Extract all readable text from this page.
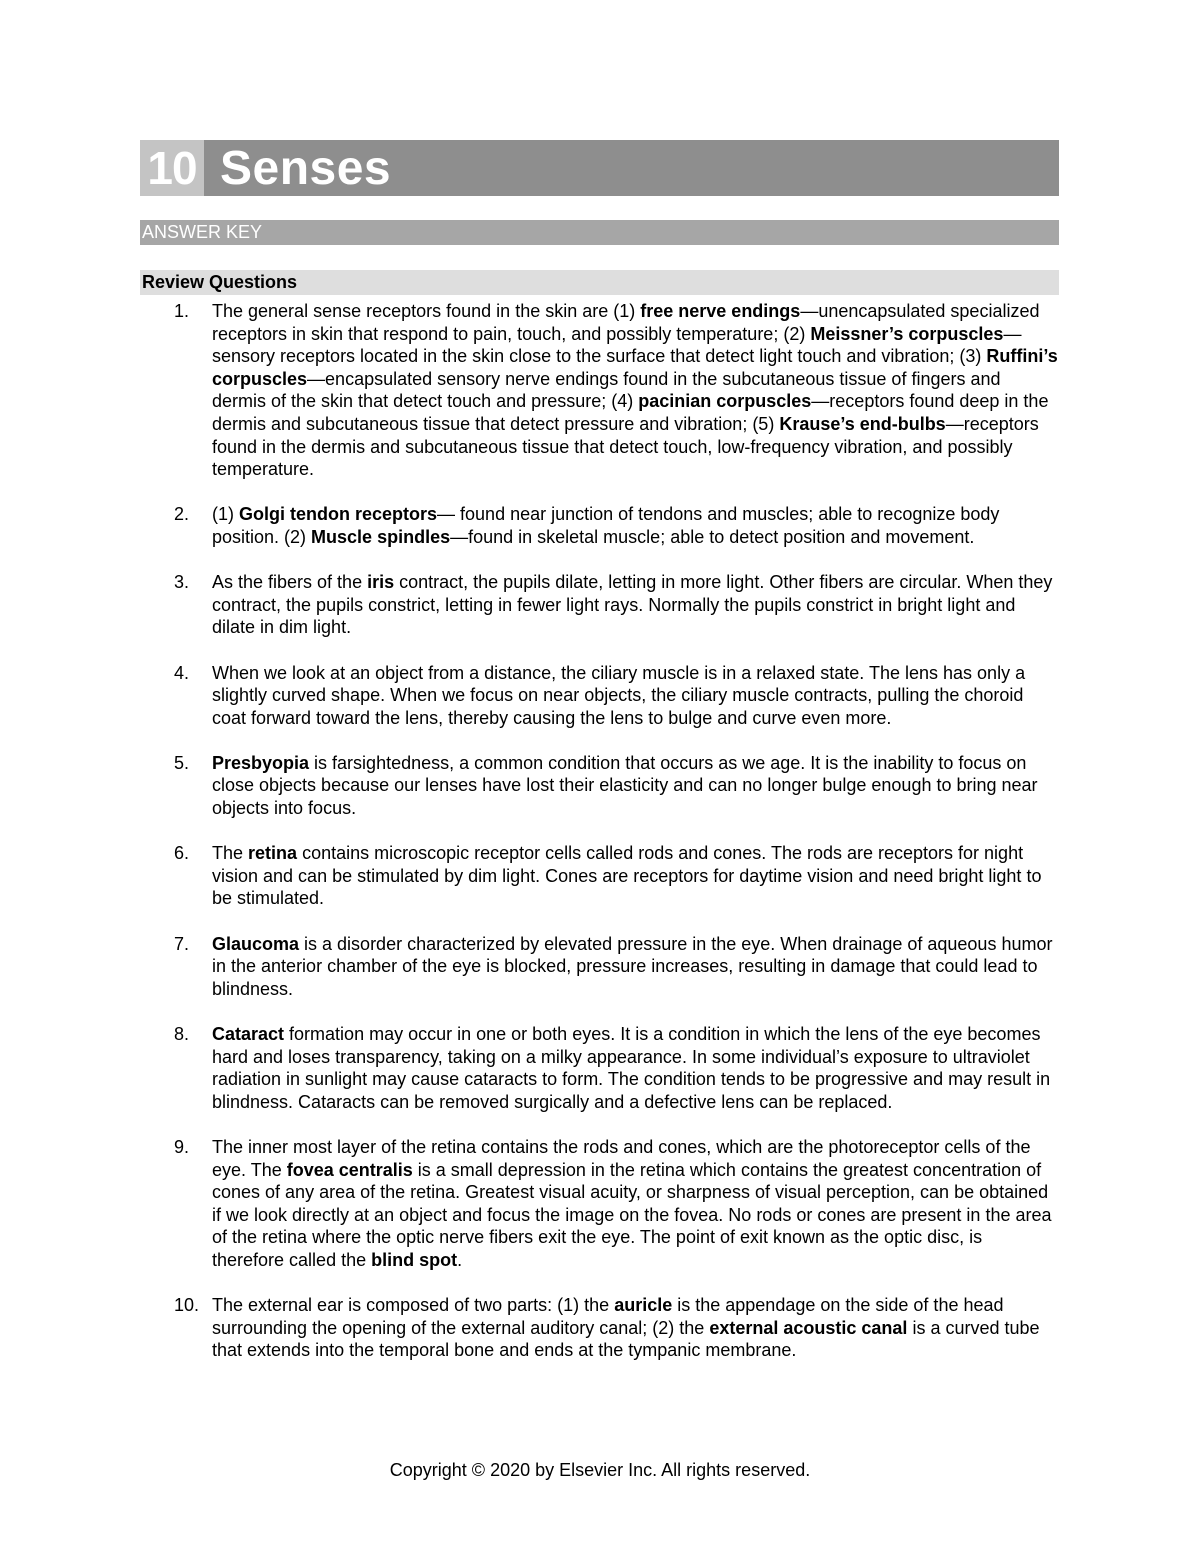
10 Senses
ANSWER KEY
Review Questions
1.	The general sense receptors found in the skin are (1) free nerve endings—unencapsulated specialized receptors in skin that respond to pain, touch, and possibly temperature; (2) Meissner’s corpuscles—sensory receptors located in the skin close to the surface that detect light touch and vibration; (3) Ruffini’s corpuscles—encapsulated sensory nerve endings found in the subcutaneous tissue of fingers and dermis of the skin that detect touch and pressure; (4) pacinian corpuscles—receptors found deep in the dermis and subcutaneous tissue that detect pressure and vibration; (5) Krause’s end-bulbs—receptors found in the dermis and subcutaneous tissue that detect touch, low-frequency vibration, and possibly temperature.
2.	(1) Golgi tendon receptors— found near junction of tendons and muscles; able to recognize body position. (2) Muscle spindles—found in skeletal muscle; able to detect position and movement.
3.	As the fibers of the iris contract, the pupils dilate, letting in more light. Other fibers are circular. When they contract, the pupils constrict, letting in fewer light rays. Normally the pupils constrict in bright light and dilate in dim light.
4.	When we look at an object from a distance, the ciliary muscle is in a relaxed state. The lens has only a slightly curved shape. When we focus on near objects, the ciliary muscle contracts, pulling the choroid coat forward toward the lens, thereby causing the lens to bulge and curve even more.
5.	Presbyopia is farsightedness, a common condition that occurs as we age. It is the inability to focus on close objects because our lenses have lost their elasticity and can no longer bulge enough to bring near objects into focus.
6.	The retina contains microscopic receptor cells called rods and cones. The rods are receptors for night vision and can be stimulated by dim light. Cones are receptors for daytime vision and need bright light to be stimulated.
7.	Glaucoma is a disorder characterized by elevated pressure in the eye. When drainage of aqueous humor in the anterior chamber of the eye is blocked, pressure increases, resulting in damage that could lead to blindness.
8.	Cataract formation may occur in one or both eyes. It is a condition in which the lens of the eye becomes hard and loses transparency, taking on a milky appearance. In some individual’s exposure to ultraviolet radiation in sunlight may cause cataracts to form. The condition tends to be progressive and may result in blindness. Cataracts can be removed surgically and a defective lens can be replaced.
9.	The inner most layer of the retina contains the rods and cones, which are the photoreceptor cells of the eye. The fovea centralis is a small depression in the retina which contains the greatest concentration of cones of any area of the retina. Greatest visual acuity, or sharpness of visual perception, can be obtained if we look directly at an object and focus the image on the fovea. No rods or cones are present in the area of the retina where the optic nerve fibers exit the eye. The point of exit known as the optic disc, is therefore called the blind spot.
10. The external ear is composed of two parts: (1) the auricle is the appendage on the side of the head surrounding the opening of the external auditory canal; (2) the external acoustic canal is a curved tube that extends into the temporal bone and ends at the tympanic membrane.
Copyright © 2020 by Elsevier Inc. All rights reserved.
